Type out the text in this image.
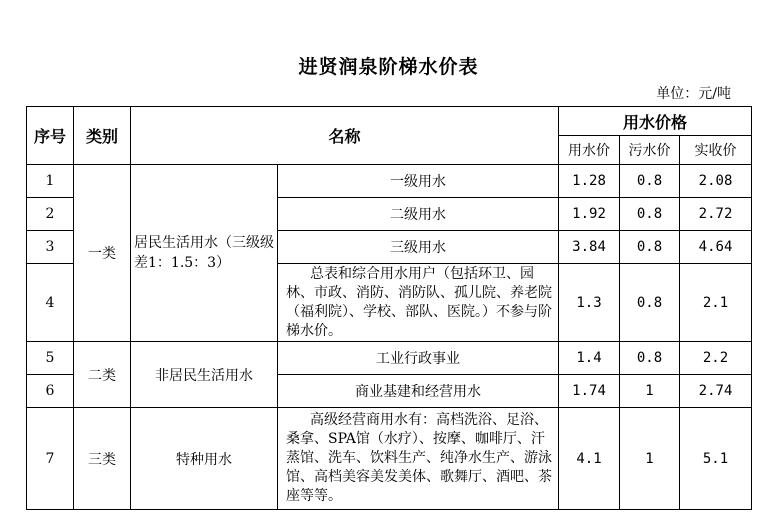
进贤润泉阶梯水价表
单位：元/吨
序号	类别	名称		用水价格		
				用水价	污水价	实收价
1	一类	居民生活用水（三级级差1：1.5：3）	一级用水	1.28	0.8	2.08
2			二级用水	1.92	0.8	2.72
3			三级用水	3.84	0.8	4.64
4			总表和综合用水用户（包括环卫、园林、市政、消防、消防队、孤儿院、养老院（福利院）、学校、部队、医院。）不参与阶梯水价。	1.3	0.8	2.1
5	二类	非居民生活用水	工业行政事业	1.4	0.8	2.2
6			商业基建和经营用水	1.74	1	2.74
7	三类	特种用水	高级经营商用水有：高档洗浴、足浴、桑拿、SPA馆（水疗）、按摩、咖啡厅、汗蒸馆、洗车、饮料生产、纯净水生产、游泳馆、高档美容美发美体、歌舞厅、酒吧、茶座等等。	4.1	1	5.1
